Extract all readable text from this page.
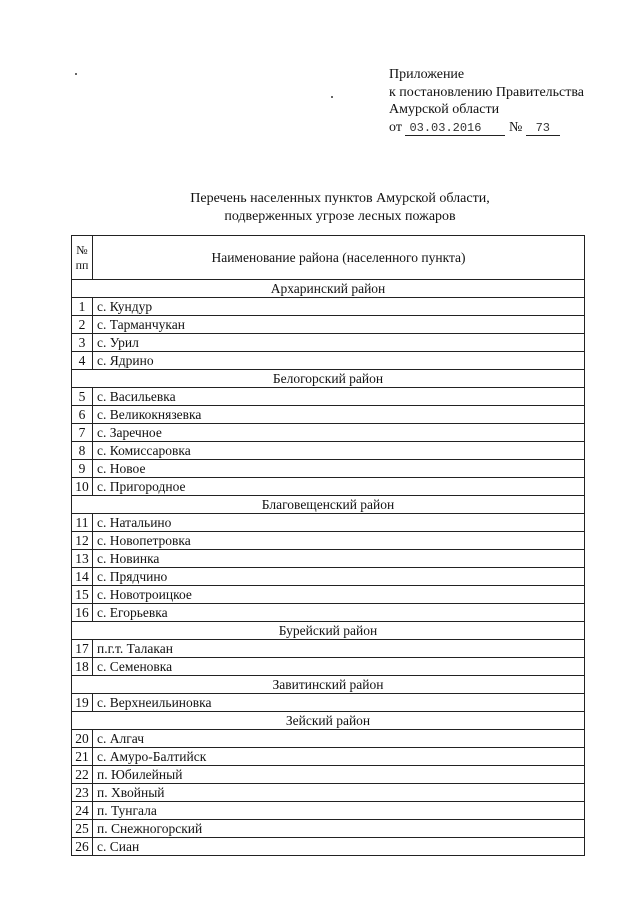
Приложение
к постановлению Правительства
Амурской области
от 03.03.2016 № 73
Перечень населенных пунктов Амурской области,
подверженных угрозе лесных пожаров
№
пп	Наименование района (населенного пункта)
Архаринский район	
1	с. Кундур
2	с. Тарманчукан
3	с. Урил
4	с. Ядрино
Белогорский район	
5	с. Васильевка
6	с. Великокнязевка
7	с. Заречное
8	с. Комиссаровка
9	с. Новое
10	с. Пригородное
Благовещенский район	
11	с. Натальино
12	с. Новопетровка
13	с. Новинка
14	с. Прядчино
15	с. Новотроицкое
16	с. Егорьевка
Бурейский район	
17	п.г.т. Талакан
18	с. Семеновка
Завитинский район	
19	с. Верхнеильиновка
Зейский район	
20	с. Алгач
21	с. Амуро-Балтийск
22	п. Юбилейный
23	п. Хвойный
24	п. Тунгала
25	п. Снежногорский
26	с. Сиан
